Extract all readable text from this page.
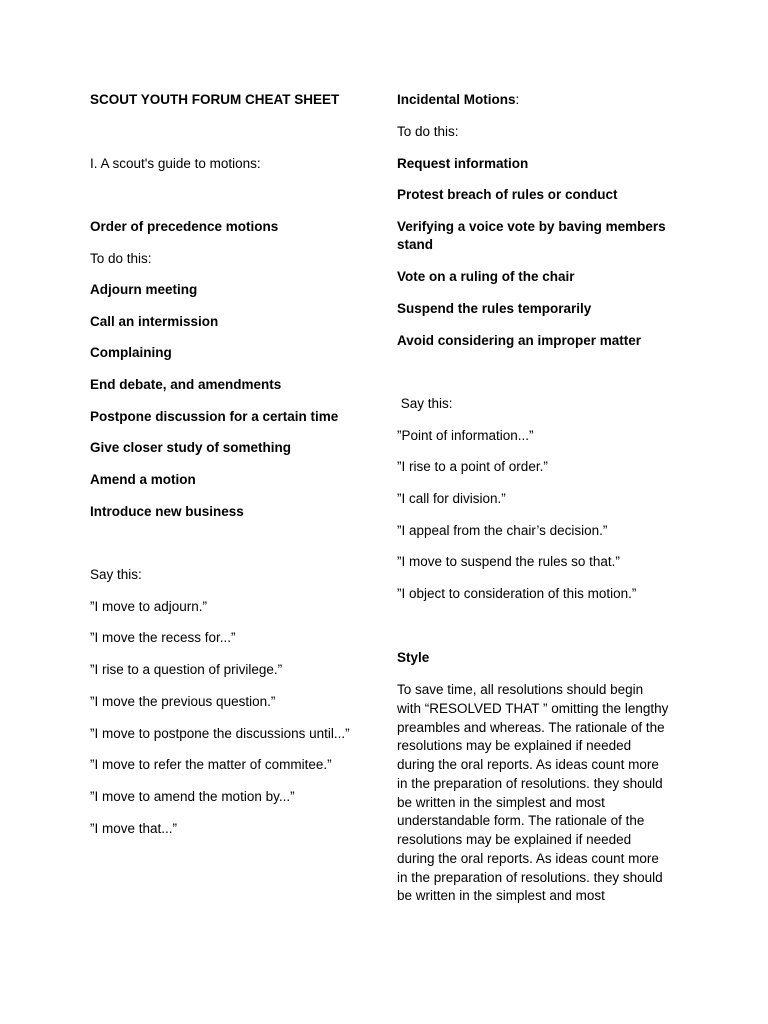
SCOUT YOUTH FORUM CHEAT SHEET
I. A scout's guide to motions:
Order of precedence motions
To do this:
Adjourn meeting
Call an intermission
Complaining
End debate, and amendments
Postpone discussion for a certain time
Give closer study of something
Amend a motion
Introduce new business
Say this:
”I move to adjourn.”
”I move the recess for...”
”I rise to a question of privilege.”
”I move the previous question.”
”I move to postpone the discussions until...”
”I move to refer the matter of commitee.”
”I move to amend the motion by...”
”I move that...”
Incidental Motions:
To do this:
Request information
Protest breach of rules or conduct
Verifying a voice vote by baving members
stand
Vote on a ruling of the chair
Suspend the rules temporarily
Avoid considering an improper matter
Say this:
”Point of information...”
”I rise to a point of order.”
”I call for division.”
”I appeal from the chair’s decision.”
”I move to suspend the rules so that.”
”I object to consideration of this motion.”
Style
To save time, all resolutions should begin
with “RESOLVED THAT ” omitting the lengthy
preambles and whereas. The rationale of the
resolutions may be explained if needed
during the oral reports. As ideas count more
in the preparation of resolutions. they should
be written in the simplest and most
understandable form. The rationale of the
resolutions may be explained if needed
during the oral reports. As ideas count more
in the preparation of resolutions. they should
be written in the simplest and most
